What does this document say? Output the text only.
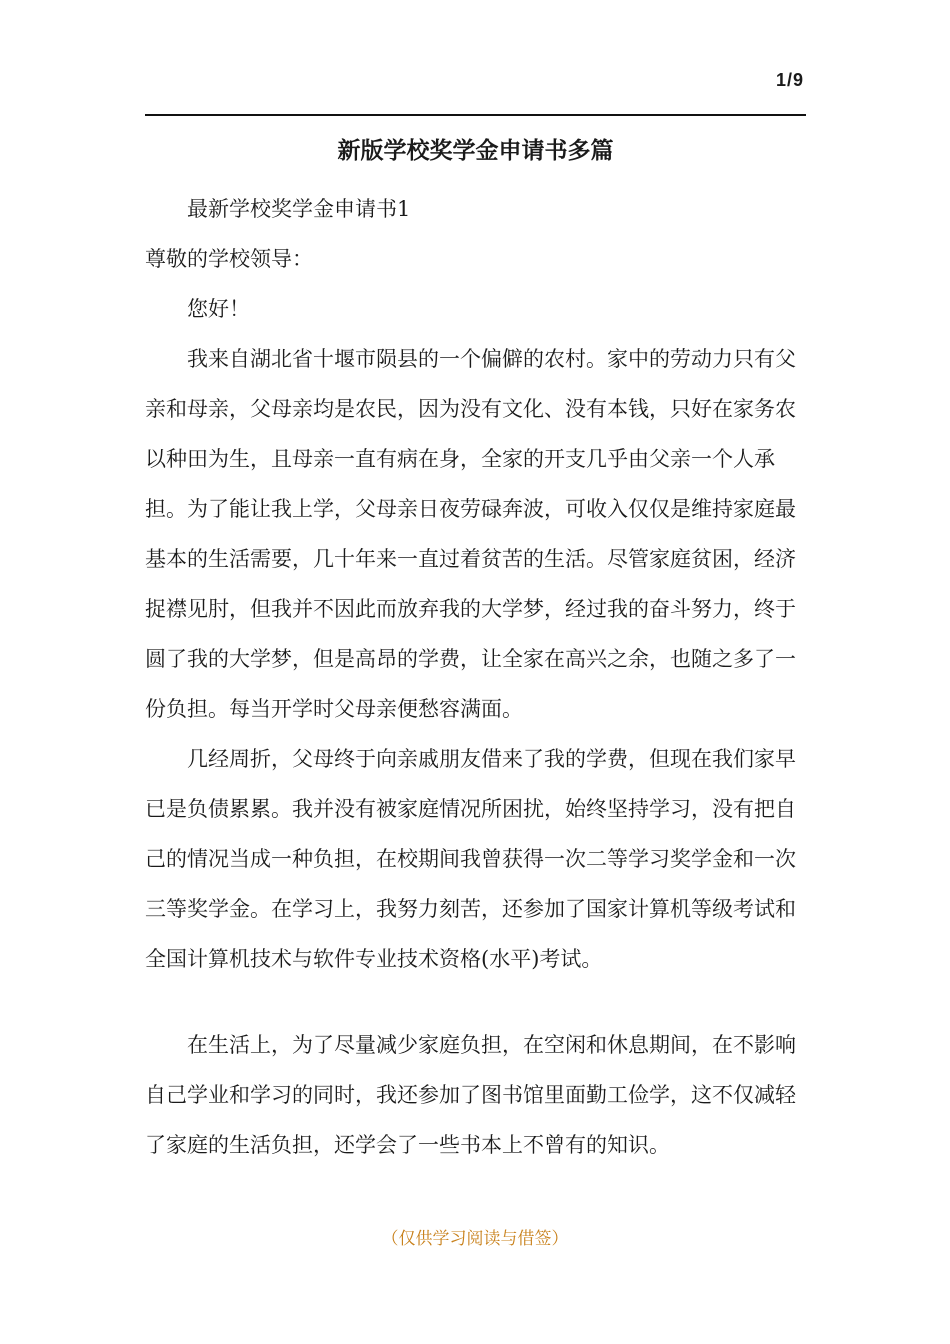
1/9
新版学校奖学金申请书多篇

最新学校奖学金申请书1

尊敬的学校领导：

您好！

我来自湖北省十堰市陨县的一个偏僻的农村。家中的劳动力只有父亲和母亲，父母亲均是农民，因为没有文化、没有本钱，只好在家务农以种田为生，且母亲一直有病在身，全家的开支几乎由父亲一个人承担。为了能让我上学，父母亲日夜劳碌奔波，可收入仅仅是维持家庭最基本的生活需要，几十年来一直过着贫苦的生活。尽管家庭贫困，经济捉襟见肘，但我并不因此而放弃我的大学梦，经过我的奋斗努力，终于圆了我的大学梦，但是高昂的学费，让全家在高兴之余，也随之多了一份负担。每当开学时父母亲便愁容满面。

几经周折，父母终于向亲戚朋友借来了我的学费，但现在我们家早已是负债累累。我并没有被家庭情况所困扰，始终坚持学习，没有把自己的情况当成一种负担，在校期间我曾获得一次二等学习奖学金和一次三等奖学金。在学习上，我努力刻苦，还参加了国家计算机等级考试和全国计算机技术与软件专业技术资格(水平)考试。

在生活上，为了尽量减少家庭负担，在空闲和休息期间，在不影响自己学业和学习的同时，我还参加了图书馆里面勤工俭学，这不仅减轻了家庭的生活负担，还学会了一些书本上不曾有的知识。

（仅供学习阅读与借签）
